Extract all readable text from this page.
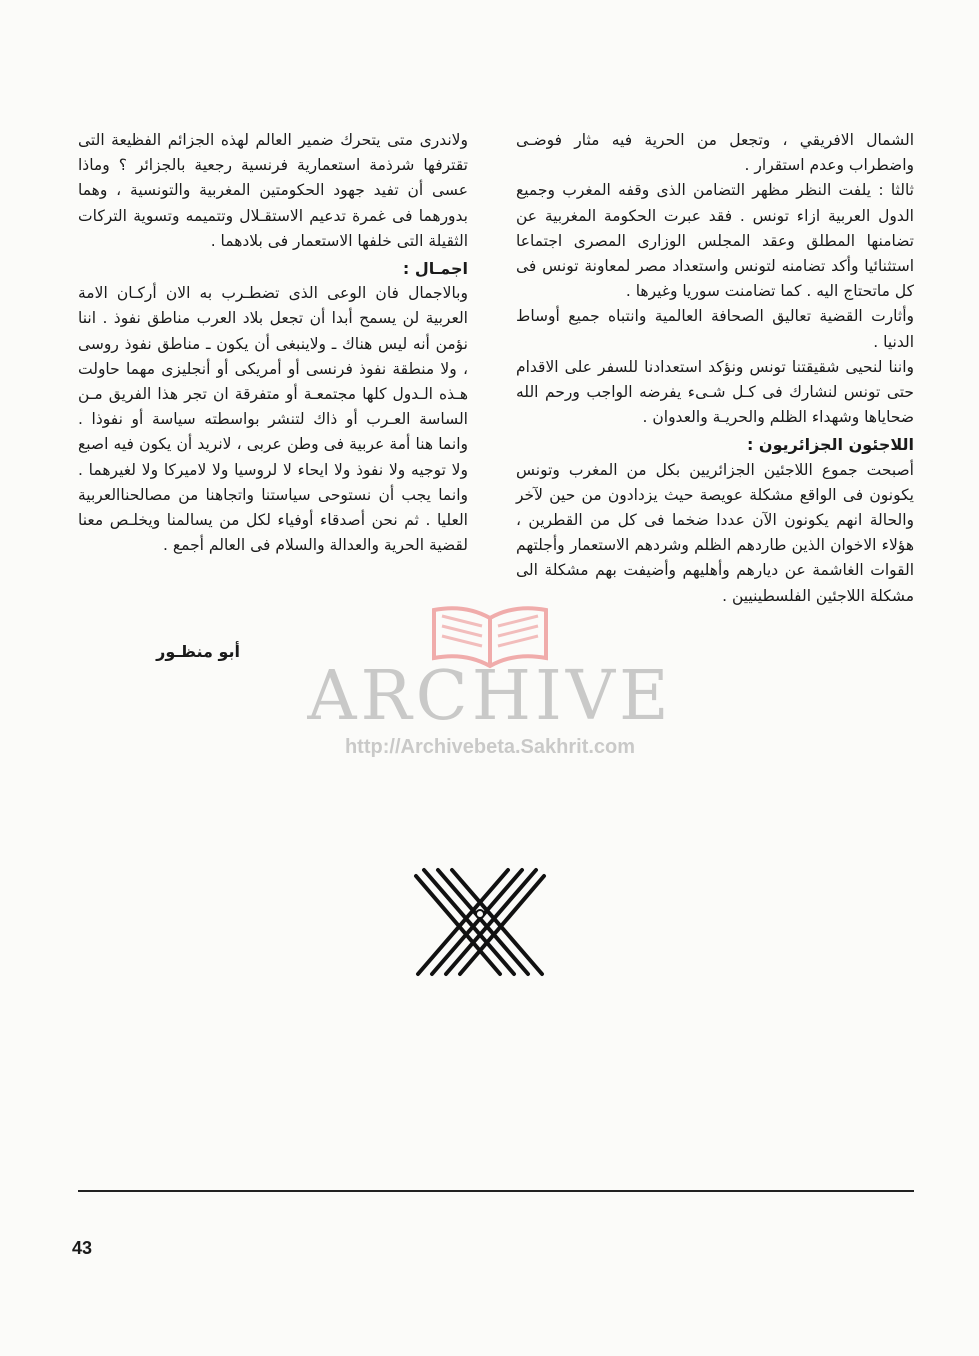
الشمال الافريقي ، وتجعل من الحرية فيه مثار فوضـى واضطراب وعدم استقرار .

ثالثا : يلفت النظر مظهر التضامن الذى وقفه المغرب وجميع الدول العربية ازاء تونس . فقد عبرت الحكومة المغربية عن تضامنها المطلق وعقد المجلس الوزارى المصرى اجتماعا استثنائيا وأكد تضامنه لتونس واستعداد مصر لمعاونة تونس فى كل ماتحتاج اليه . كما تضامنت سوريا وغيرها .

وأثارت القضية تعاليق الصحافة العالمية وانتباه جميع أوساط الدنيا .

واننا لنحيى شقيقتنا تونس ونؤكد استعدادنا للسفر على الاقدام حتى تونس لنشارك فى كـل شـىء يفرضه الواجب ورحم الله ضحاياها وشهداء الظلم والحريـة والعدوان .

اللاجئون الجزائريون :

أصبحت جموع اللاجئين الجزائريين بكل من المغرب وتونس يكونون فى الواقع مشكلة عويصة حيث يزدادون من حين لآخر والحالة انهم يكونون الآن عددا ضخما فى كل من القطرين ، هؤلاء الاخوان الذين طاردهم الظلم وشردهم الاستعمار وأجلتهم القوات الغاشمة عن ديارهم وأهليهم وأضيفت بهم مشكلة الى مشكلة اللاجئين الفلسطينيين .

ولاندرى متى يتحرك ضمير العالم لهذه الجزائم الفظيعة التى تقترفها شرذمة استعمارية فرنسية رجعية بالجزائر ؟ وماذا عسى أن تفيد جهود الحكومتين المغربية والتونسية ، وهما بدورهما فى غمرة تدعيم الاستقـلال وتتميمه وتسوية التركات الثقيلة التى خلفها الاستعمار فى بلادهما .

اجمـال :

وبالاجمال فان الوعى الذى تضطـرب به الان أركـان الامة العربية لن يسمح أبدا أن تجعل بلاد العرب مناطق نفوذ . اننا نؤمن أنه ليس هناك ـ ولاينبغى أن يكون ـ مناطق نفوذ روسى ، ولا منطقة نفوذ فرنسى أو أمريكى أو أنجليزى مهما حاولت هـذه الـدول كلها مجتمعـة أو متفرقة ان تجر هذا الفريق مـن الساسة العـرب أو ذاك لتنشر بواسطته سياسة أو نفوذا . وانما هنا أمة عربية فى وطن عربى ، لانريد أن يكون فيه اصبع ولا توجيه ولا نفوذ ولا ايحاء لا لروسيا ولا لاميركا ولا لغيرهما . وانما يجب أن نستوحى سياستنا واتجاهنا من مصالحناالعربية العليا . ثم نحن أصدقاء أوفياء لكل من يسالمنا ويخلـص معنا لقضية الحرية والعدالة والسلام فى العالم أجمع .

أبو منظـور
ARCHIVE
http://Archivebeta.Sakhrit.com
43
